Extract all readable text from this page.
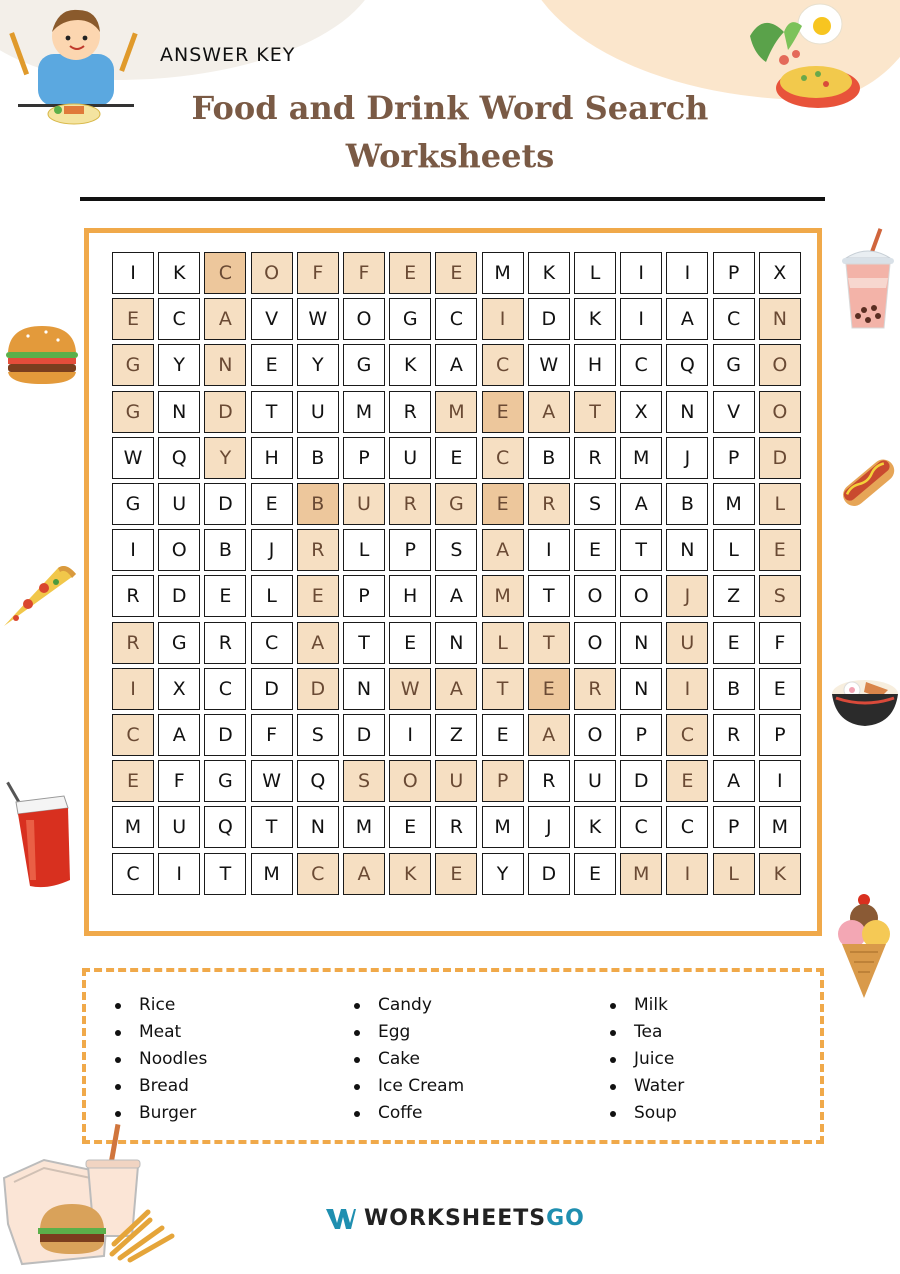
ANSWER KEY
Food and Drink Word Search
Worksheets
I	K	C	O	F	F	E	E	M	K	L	I	I	P	X
E	C	A	V	W	O	G	C	I	D	K	I	A	C	N
G	Y	N	E	Y	G	K	A	C	W	H	C	Q	G	O
G	N	D	T	U	M	R	M	E	A	T	X	N	V	O
W	Q	Y	H	B	P	U	E	C	B	R	M	J	P	D
G	U	D	E	B	U	R	G	E	R	S	A	B	M	L
I	O	B	J	R	L	P	S	A	I	E	T	N	L	E
R	D	E	L	E	P	H	A	M	T	O	O	J	Z	S
R	G	R	C	A	T	E	N	L	T	O	N	U	E	F
I	X	C	D	D	N	W	A	T	E	R	N	I	B	E
C	A	D	F	S	D	I	Z	E	A	O	P	C	R	P
E	F	G	W	Q	S	O	U	P	R	U	D	E	A	I
M	U	Q	T	N	M	E	R	M	J	K	C	C	P	M
C	I	T	M	C	A	K	E	Y	D	E	M	I	L	K
Rice
Meat
Noodles
Bread
Burger
Candy
Egg
Cake
Ice Cream
Coffe
Milk
Tea
Juice
Water
Soup
WORKSHEETS GO
